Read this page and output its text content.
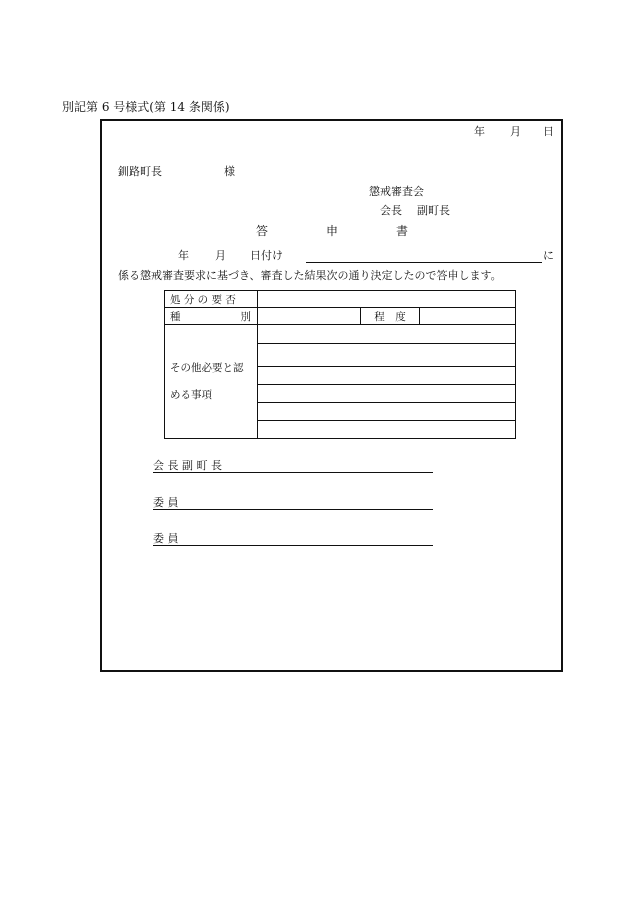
別記第 6 号様式(第 14 条関係)
年 月 日
釧路町長	様
懲戒審査会
会長 副町長
答	申	書
年 月 日付け	に
係る懲戒審査要求に基づき、審査した結果次の通り決定したので答申します。
処 分 の 要 否			
種 別		程　度	

その他必要と認
める事項			

会 長 副 町 長
委 員
委 員
